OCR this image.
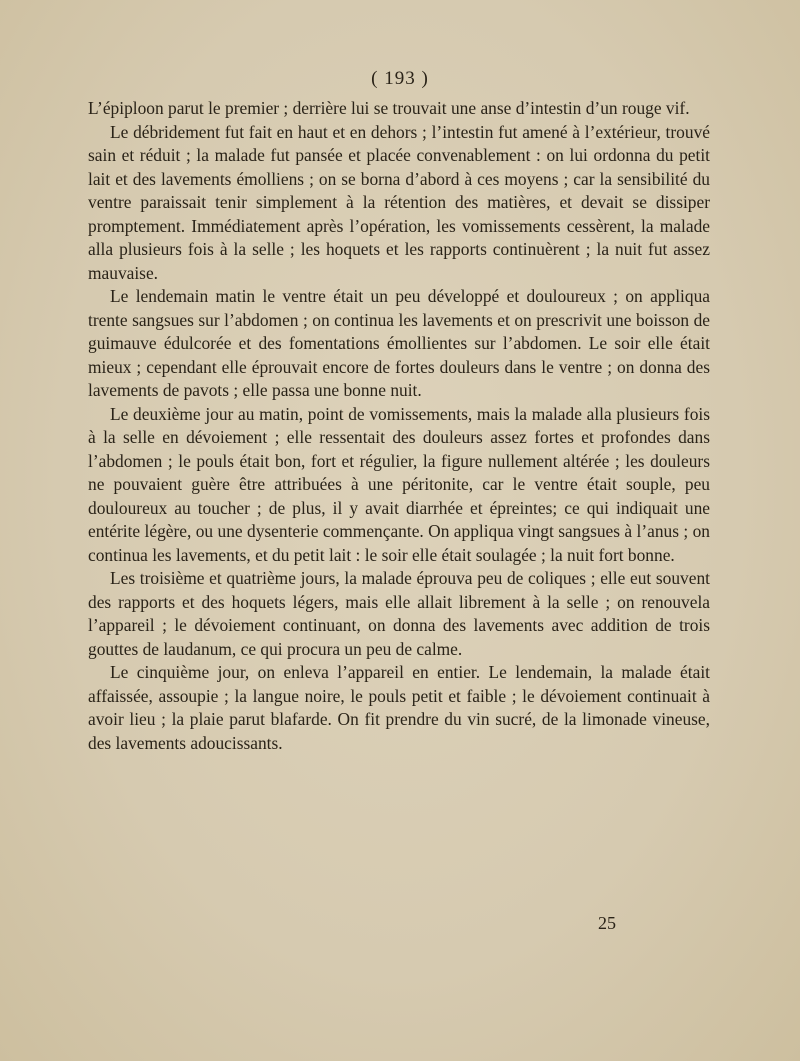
( 193 )

L’épiploon parut le premier ; derrière lui se trouvait une anse d’intestin d’un rouge vif.

Le débridement fut fait en haut et en dehors ; l’intestin fut amené à l’extérieur, trouvé sain et réduit ; la malade fut pansée et placée convenablement : on lui ordonna du petit lait et des lavements émolliens ; on se borna d’abord à ces moyens ; car la sensibilité du ventre paraissait tenir simplement à la rétention des matières, et devait se dissiper promptement. Immédiatement après l’opération, les vomissements cessèrent, la malade alla plusieurs fois à la selle ; les hoquets et les rapports continuèrent ; la nuit fut assez mauvaise.

Le lendemain matin le ventre était un peu développé et douloureux ; on appliqua trente sangsues sur l’abdomen ; on continua les lavements et on prescrivit une boisson de guimauve édulcorée et des fomentations émollientes sur l’abdomen. Le soir elle était mieux ; cependant elle éprouvait encore de fortes douleurs dans le ventre ; on donna des lavements de pavots ; elle passa une bonne nuit.

Le deuxième jour au matin, point de vomissements, mais la malade alla plusieurs fois à la selle en dévoiement ; elle ressentait des douleurs assez fortes et profondes dans l’abdomen ; le pouls était bon, fort et régulier, la figure nullement altérée ; les douleurs ne pouvaient guère être attribuées à une péritonite, car le ventre était souple, peu douloureux au toucher ; de plus, il y avait diarrhée et épreintes; ce qui indiquait une entérite légère, ou une dysenterie commençante. On appliqua vingt sangsues à l’anus ; on continua les lavements, et du petit lait : le soir elle était soulagée ; la nuit fort bonne.

Les troisième et quatrième jours, la malade éprouva peu de coliques ; elle eut souvent des rapports et des hoquets légers, mais elle allait librement à la selle ; on renouvela l’appareil ; le dévoiement continuant, on donna des lavements avec addition de trois gouttes de laudanum, ce qui procura un peu de calme.

Le cinquième jour, on enleva l’appareil en entier. Le lendemain, la malade était affaissée, assoupie ; la langue noire, le pouls petit et faible ; le dévoiement continuait à avoir lieu ; la plaie parut blafarde. On fit prendre du vin sucré, de la limonade vineuse, des lavements adoucissants.

25
